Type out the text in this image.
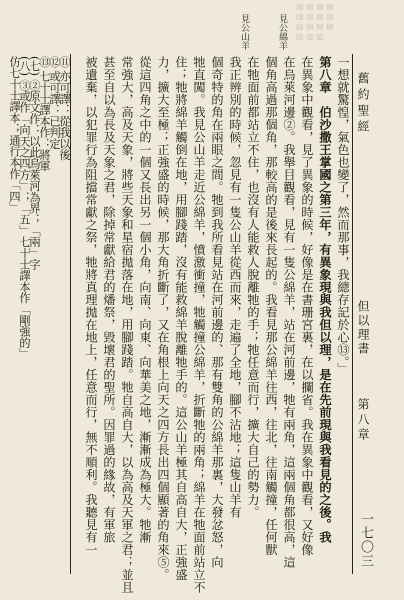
舊約聖經
但以理書
第八章
一七〇三
見公綿羊
見公山羊
一想就驚惶，氣色也變了，然而那事，我總存記於心⑬。」
第八章　伯沙撒王掌國之第三年，有異象現與我但以理，是在先前現與我看見的之後。我
在異象中觀看，見了異象的時候，好像是在書珊宮裏，在以攔省。我在異象中觀看，又好像
在烏萊河邊②。我舉目觀看，見有一隻公綿羊，站在河前邊，牠有兩角，這兩個角都很高，這
個角高過那個角，那較高的是後來長起的。我看見那公綿羊往西，往北，往南觸撞，任何獸
在牠面前都站立不住，也沒有人能救人脫離牠的手；牠任意而行，擴大自己的勢力。
我正辨別的時候，忽見有一隻公山羊從西而來，走遍了全地，腳不沾地；這隻山羊有
個奇特的角在兩眼之間。牠到我所看見站在河前邊的、那有雙角的公綿羊那裏，大發忿怒，向
牠直闖。我見公山羊走近公綿羊，憤激衝撞，牠觸撞公綿羊，折斷牠的兩角；綿羊在牠面前站立不
住；牠將綿羊觸倒在地，用腳踐踏，沒有能救綿羊脫離牠手的。這公山羊極其自高自大，正強盛
力，擴大至極；正強盛的時候，那大角折斷了，又在角根上向天之四方長出四個顯著的角來⑤。
從這四角之中的一個又長出另一個小角，向南、向東、向華美之地，漸漸成為極大。牠漸
常強大，高及天象，將些天象和星宿拋落在地，用腳踐踏。牠自高自大，以為高及天軍之君；並且
甚至自以為長及天象之君，除掉常獻給君的燔祭，毀壞君的聖所。因罪過的緣故，有軍旅
被遺棄，以犯罪行為阻擋常獻之祭，牠將真理拋在地上，任意而行，無不順利。我聽見有一
⑪ 亦可譯：從我以後
⑫ 或可譯：已判定
⑬ 七十士譯本作：將軍
(七) ②原文作：以此烏萊河為界；「兩」字
(八) ③或作「向天之四方」；「五」七十士譯本作「剛強的」
仿七十士譯本；通行本作「四」
▤ ▤ ▤ ▤
▥ ▥ ▥ ▥
▤ ▤ ▤ ▤
▥ ▥ ▥
